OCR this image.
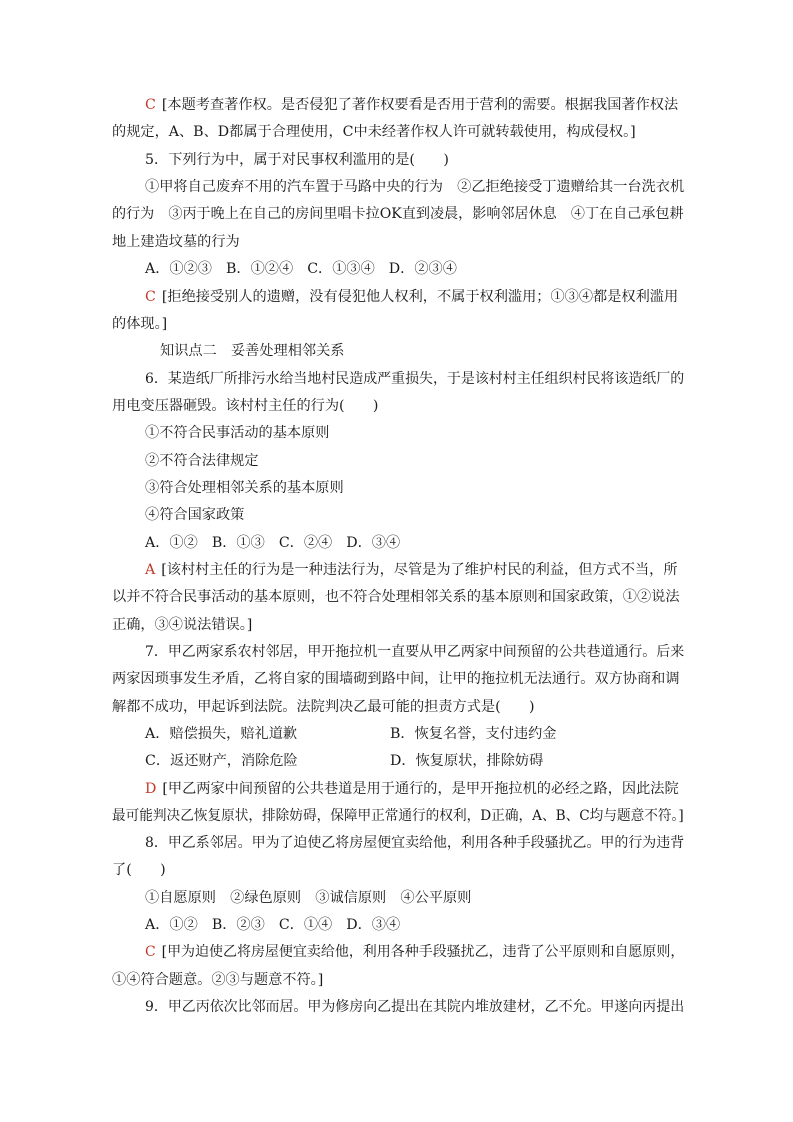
C [本题考查著作权。是否侵犯了著作权要看是否用于营利的需要。根据我国著作权法
的规定，A、B、D都属于合理使用，C中未经著作权人许可就转载使用，构成侵权。]
5．下列行为中，属于对民事权利滥用的是(　　)
①甲将自己废弃不用的汽车置于马路中央的行为　②乙拒绝接受丁遗赠给其一台洗衣机
的行为　③丙于晚上在自己的房间里唱卡拉OK直到凌晨，影响邻居休息　④丁在自己承包耕
地上建造坟墓的行为
A．①②③ B．①②④ C．①③④ D．②③④
C [拒绝接受别人的遗赠，没有侵犯他人权利，不属于权利滥用；①③④都是权利滥用
的体现。]
知识点二　妥善处理相邻关系
6．某造纸厂所排污水给当地村民造成严重损失，于是该村村主任组织村民将该造纸厂的
用电变压器砸毁。该村村主任的行为(　　)
①不符合民事活动的基本原则
②不符合法律规定
③符合处理相邻关系的基本原则
④符合国家政策
A．①② B．①③ C．②④ D．③④
A [该村村主任的行为是一种违法行为，尽管是为了维护村民的利益，但方式不当，所
以并不符合民事活动的基本原则，也不符合处理相邻关系的基本原则和国家政策，①②说法
正确，③④说法错误。]
7．甲乙两家系农村邻居，甲开拖拉机一直要从甲乙两家中间预留的公共巷道通行。后来
两家因琐事发生矛盾，乙将自家的围墙砌到路中间，让甲的拖拉机无法通行。双方协商和调
解都不成功，甲起诉到法院。法院判决乙最可能的担责方式是(　　)
A．赔偿损失，赔礼道歉	B．恢复名誉，支付违约金
C．返还财产，消除危险	D．恢复原状，排除妨碍
D [甲乙两家中间预留的公共巷道是用于通行的，是甲开拖拉机的必经之路，因此法院
最可能判决乙恢复原状，排除妨碍，保障甲正常通行的权利，D正确，A、B、C均与题意不符。]
8．甲乙系邻居。甲为了迫使乙将房屋便宜卖给他，利用各种手段骚扰乙。甲的行为违背
了(　　)
①自愿原则　②绿色原则　③诚信原则　④公平原则
A．①② B．②③ C．①④ D．③④
C [甲为迫使乙将房屋便宜卖给他，利用各种手段骚扰乙，违背了公平原则和自愿原则，
①④符合题意。②③与题意不符。]
9．甲乙丙依次比邻而居。甲为修房向乙提出在其院内堆放建材，乙不允。甲遂向丙提出
